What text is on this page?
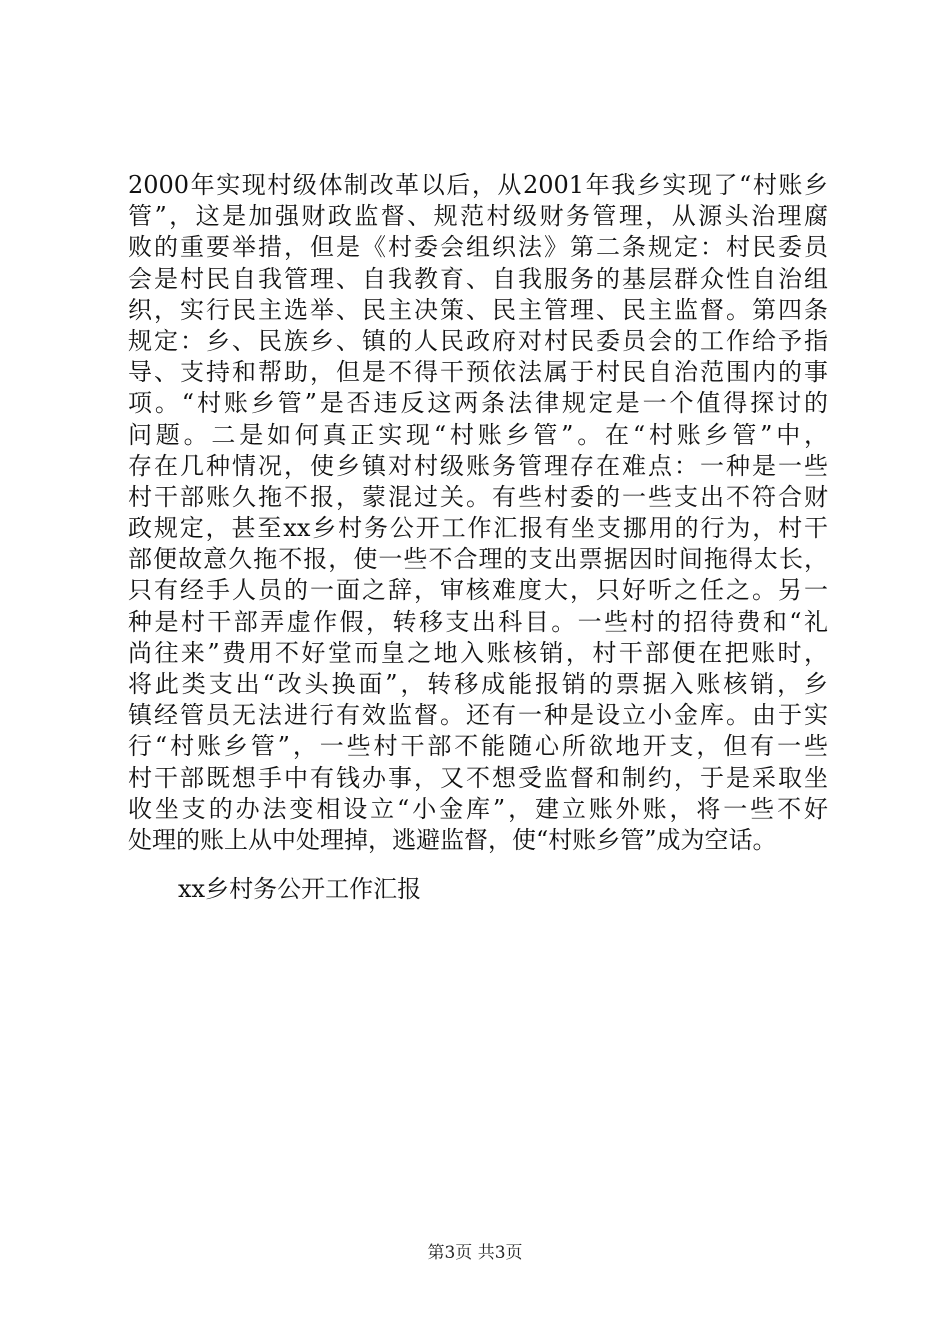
2000年实现村级体制改革以后，从2001年我乡实现了“村账乡
管”，这是加强财政监督、规范村级财务管理，从源头治理腐
败的重要举措，但是《村委会组织法》第二条规定：村民委员
会是村民自我管理、自我教育、自我服务的基层群众性自治组
织，实行民主选举、民主决策、民主管理、民主监督。第四条
规定：乡、民族乡、镇的人民政府对村民委员会的工作给予指
导、支持和帮助，但是不得干预依法属于村民自治范围内的事
项。“村账乡管”是否违反这两条法律规定是一个值得探讨的
问题。二是如何真正实现“村账乡管”。在“村账乡管”中，
存在几种情况，使乡镇对村级账务管理存在难点：一种是一些
村干部账久拖不报，蒙混过关。有些村委的一些支出不符合财
政规定，甚至xx乡村务公开工作汇报有坐支挪用的行为，村干
部便故意久拖不报，使一些不合理的支出票据因时间拖得太长，
只有经手人员的一面之辞，审核难度大，只好听之任之。另一
种是村干部弄虚作假，转移支出科目。一些村的招待费和“礼
尚往来”费用不好堂而皇之地入账核销，村干部便在把账时，
将此类支出“改头换面”，转移成能报销的票据入账核销，乡
镇经管员无法进行有效监督。还有一种是设立小金库。由于实
行“村账乡管”，一些村干部不能随心所欲地开支，但有一些
村干部既想手中有钱办事，又不想受监督和制约，于是采取坐
收坐支的办法变相设立“小金库”，建立账外账，将一些不好
处理的账上从中处理掉，逃避监督，使“村账乡管”成为空话。
xx乡村务公开工作汇报
第3页 共3页
